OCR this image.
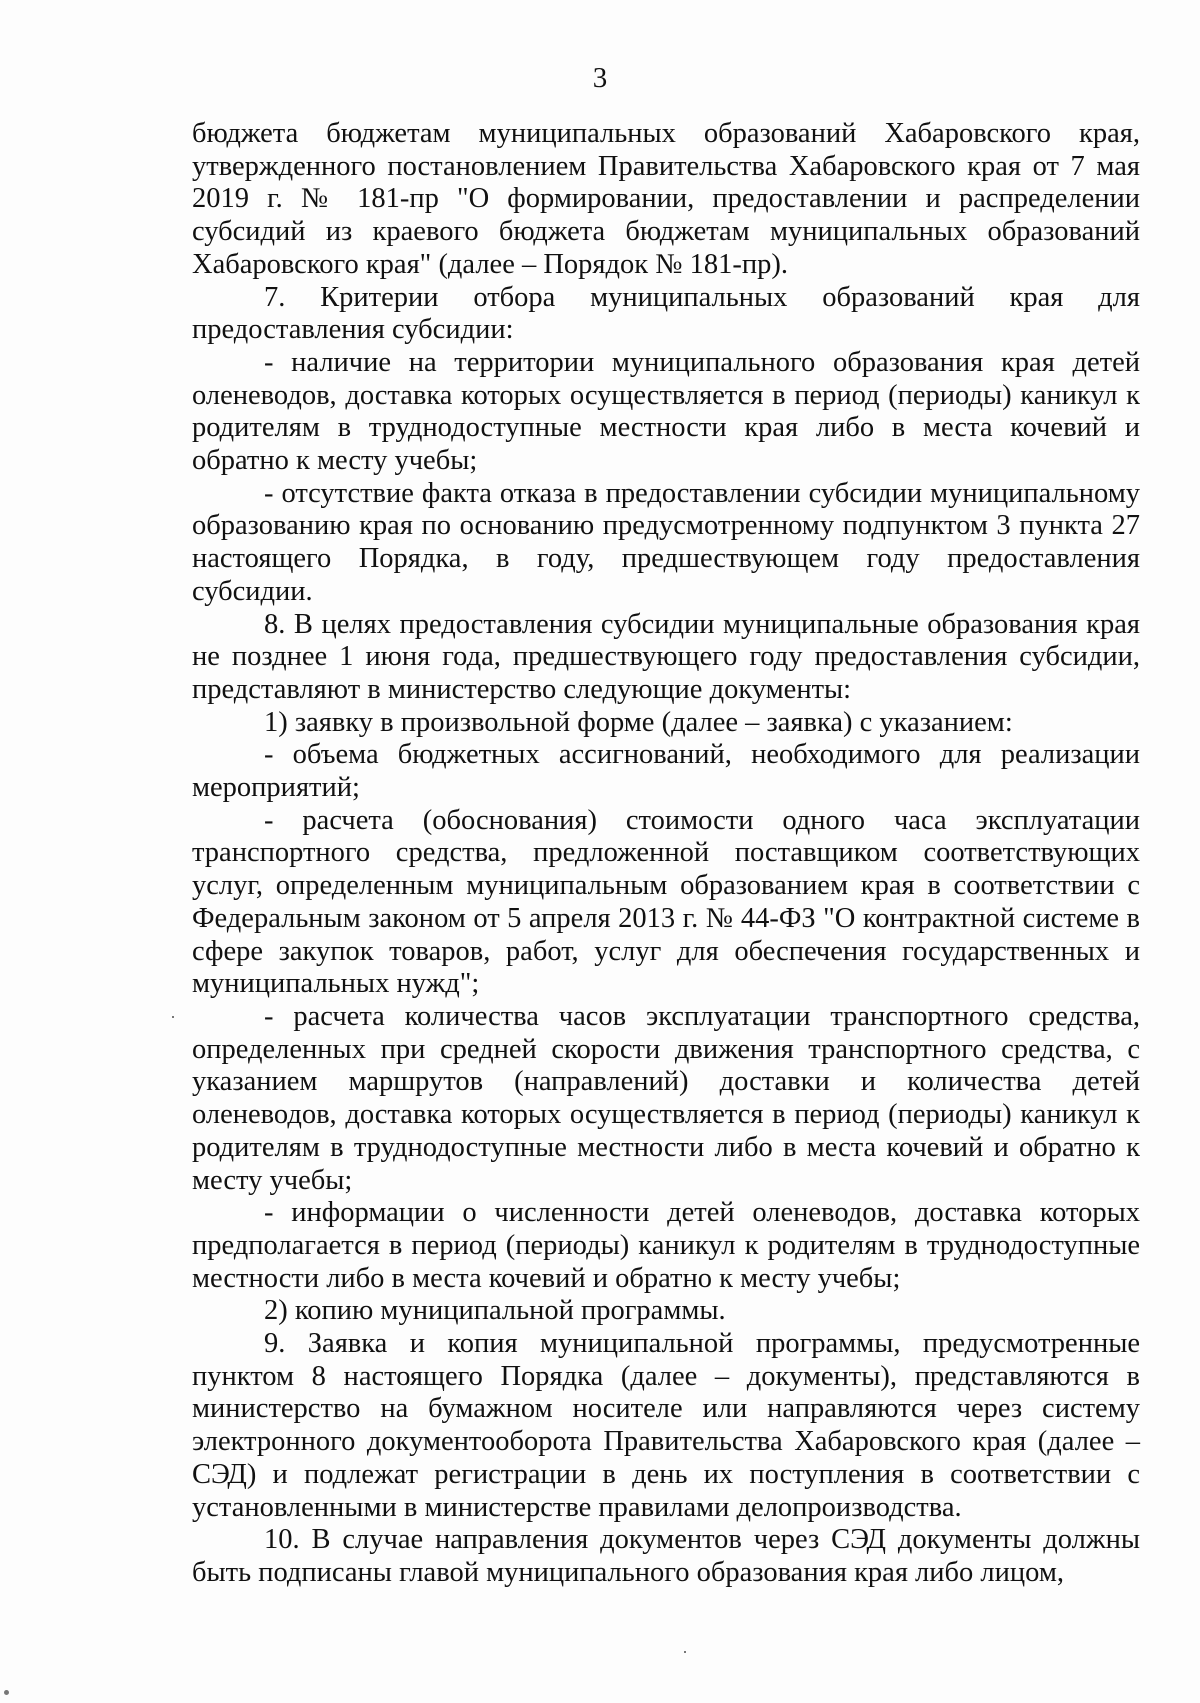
3

бюджета бюджетам муниципальных образований Хабаровского края, утвержденного постановлением Правительства Хабаровского края от 7 мая 2019 г. № 181-пр "О формировании, предоставлении и распределении субсидий из краевого бюджета бюджетам муниципальных образований Хабаровского края" (далее – Порядок № 181-пр).

7. Критерии отбора муниципальных образований края для предоставления субсидии:

- наличие на территории муниципального образования края детей оленеводов, доставка которых осуществляется в период (периоды) каникул к родителям в труднодоступные местности края либо в места кочевий и обратно к месту учебы;

- отсутствие факта отказа в предоставлении субсидии муниципальному образованию края по основанию предусмотренному подпунктом 3 пункта 27 настоящего Порядка, в году, предшествующем году предоставления субсидии.

8. В целях предоставления субсидии муниципальные образования края не позднее 1 июня года, предшествующего году предоставления субсидии, представляют в министерство следующие документы:

1) заявку в произвольной форме (далее – заявка) с указанием:

- объема бюджетных ассигнований, необходимого для реализации мероприятий;

- расчета (обоснования) стоимости одного часа эксплуатации транспортного средства, предложенной поставщиком соответствующих услуг, определенным муниципальным образованием края в соответствии с Федеральным законом от 5 апреля 2013 г. № 44-ФЗ "О контрактной системе в сфере закупок товаров, работ, услуг для обеспечения государственных и муниципальных нужд";

- расчета количества часов эксплуатации транспортного средства, определенных при средней скорости движения транспортного средства, с указанием маршрутов (направлений) доставки и количества детей оленеводов, доставка которых осуществляется в период (периоды) каникул к родителям в труднодоступные местности либо в места кочевий и обратно к месту учебы;

- информации о численности детей оленеводов, доставка которых предполагается в период (периоды) каникул к родителям в труднодоступные местности либо в места кочевий и обратно к месту учебы;

2) копию муниципальной программы.

9. Заявка и копия муниципальной программы, предусмотренные пунктом 8 настоящего Порядка (далее – документы), представляются в министерство на бумажном носителе или направляются через систему электронного документооборота Правительства Хабаровского края (далее – СЭД) и подлежат регистрации в день их поступления в соответствии с установленными в министерстве правилами делопроизводства.

10. В случае направления документов через СЭД документы должны быть подписаны главой муниципального образования края либо лицом,
